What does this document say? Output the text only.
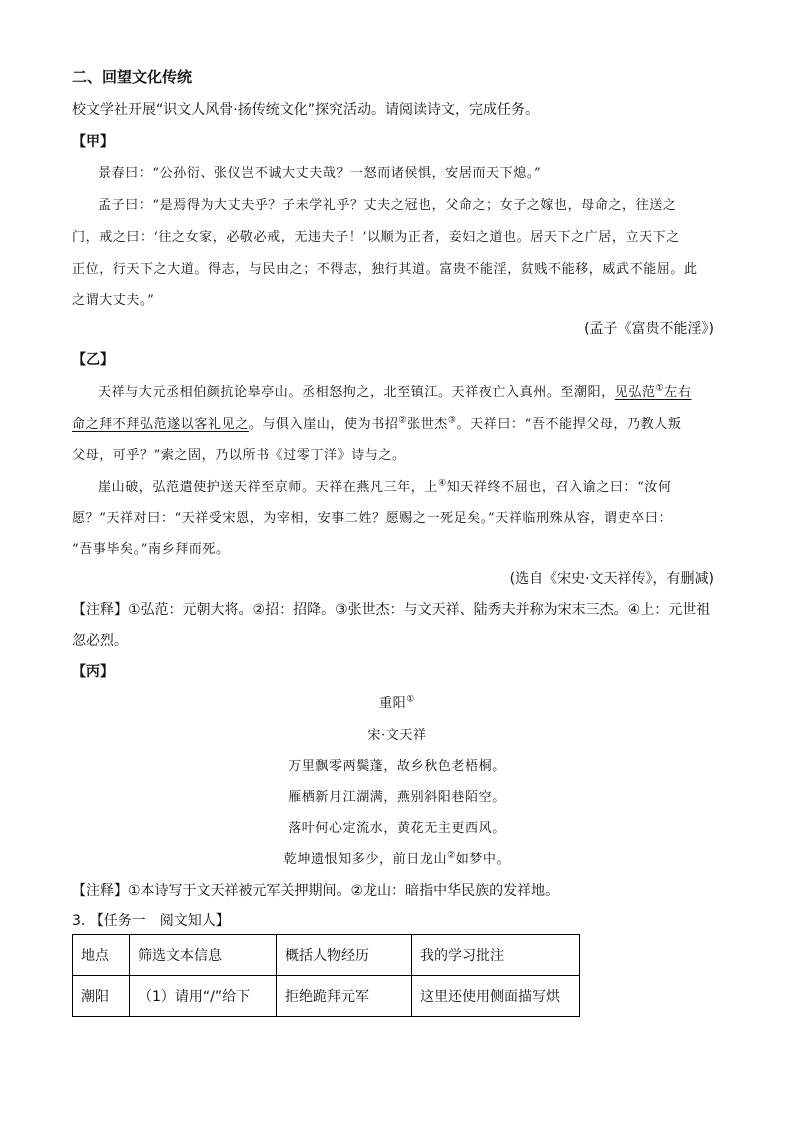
二、回望文化传统
校文学社开展“识文人风骨·扬传统文化”探究活动。请阅读诗文，完成任务。
【甲】
景春曰：“公孙衍、张仪岂不诚大丈夫哉？一怒而诸侯惧，安居而天下熄。”
孟子曰：“是焉得为大丈夫乎？子未学礼乎？丈夫之冠也，父命之；女子之嫁也，母命之，往送之
门，戒之曰：‘往之女家，必敬必戒，无违夫子！’以顺为正者，妾妇之道也。居天下之广居，立天下之
正位，行天下之大道。得志，与民由之；不得志，独行其道。富贵不能淫，贫贱不能移，威武不能屈。此
之谓大丈夫。”
(孟子《富贵不能淫》)
【乙】
天祥与大元丞相伯颜抗论皋亭山。丞相怒拘之，北至镇江。天祥夜亡入真州。至潮阳，见弘范①左右
命之拜不拜弘范遂以客礼见之。与俱入崖山，使为书招②张世杰③。天祥曰：“吾不能捍父母，乃教人叛
父母，可乎？”索之固，乃以所书《过零丁洋》诗与之。
崖山破，弘范遣使护送天祥至京师。天祥在燕凡三年，上④知天祥终不屈也，召入谕之曰：“汝何
愿？”天祥对曰：“天祥受宋恩，为宰相，安事二姓？愿赐之一死足矣。”天祥临刑殊从容，谓吏卒曰：
“吾事毕矣。”南乡拜而死。
(选自《宋史·文天祥传》，有删减)
【注释】①弘范：元朝大将。②招：招降。③张世杰：与文天祥、陆秀夫并称为宋末三杰。④上：元世祖
忽必烈。
【丙】
重阳①
宋·文天祥
万里飘零两鬓蓬，故乡秋色老梧桐。
雁栖新月江湖满，燕别斜阳巷陌空。
落叶何心定流水，黄花无主更西风。
乾坤遗恨知多少，前日龙山②如梦中。
【注释】①本诗写于文天祥被元军关押期间。②龙山：暗指中华民族的发祥地。
3. 【任务一　阅文知人】
地点	筛选文本信息	概括人物经历	我的学习批注
潮阳	（1）请用“/”给下	拒绝跪拜元军	这里还使用侧面描写烘
